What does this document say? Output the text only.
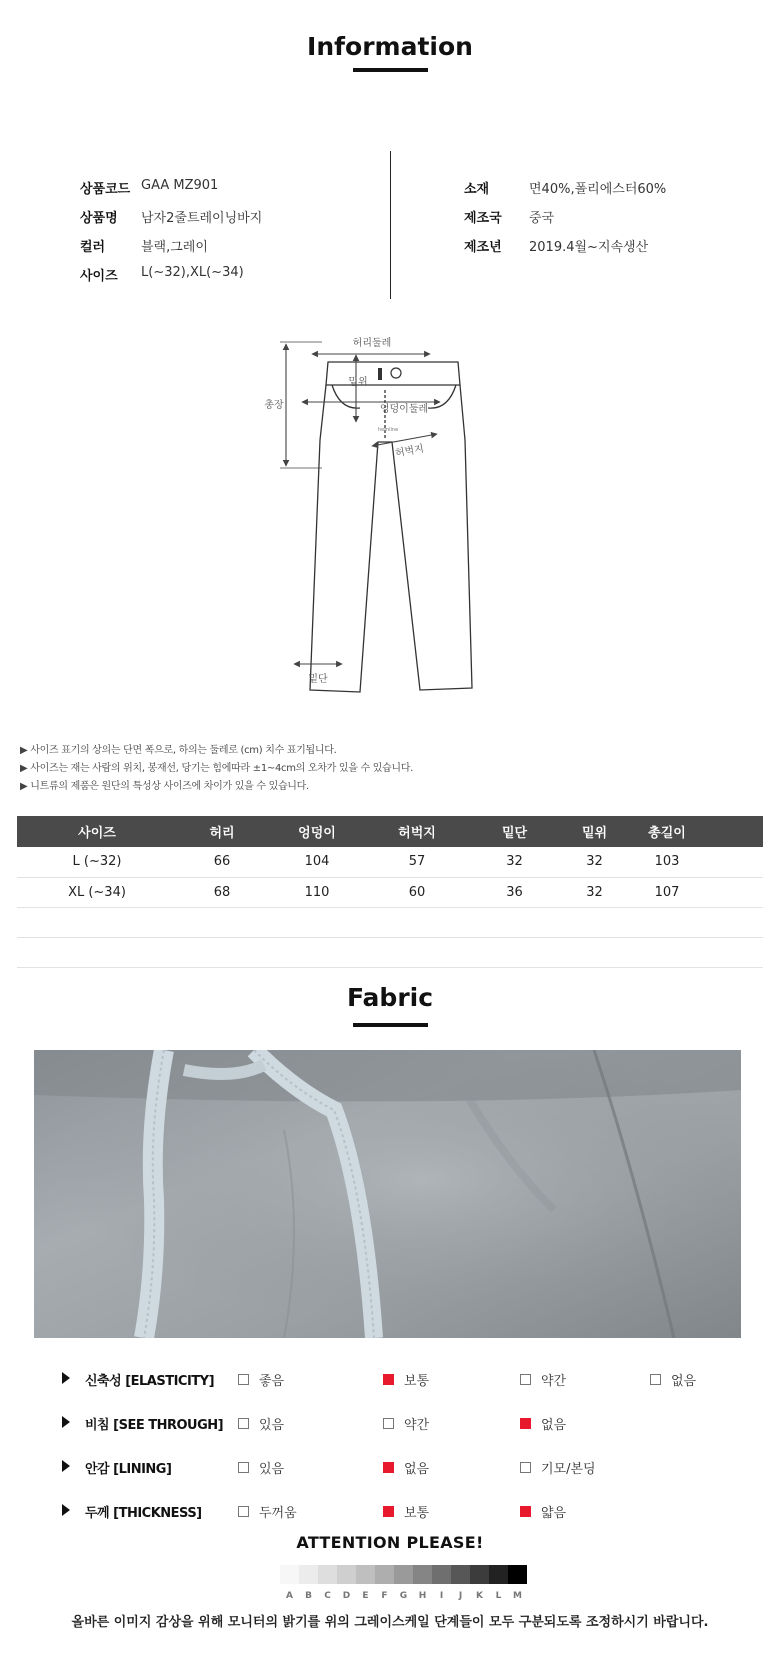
Information
상품코드 GAA MZ901
상품명	남자2줄트레이닝바지
컬러	블랙,그레이
사이즈	L(~32),XL(~34)
소재	면40%,폴리에스터60%
제조국	중국
제조년	2019.4월~지속생산
허리둘레
총장
밑위
엉덩이둘레
허벅지
hemline
밑단
▶ 사이즈 표기의 상의는 단면 폭으로, 하의는 둘레로 (cm) 치수 표기됩니다.
▶ 사이즈는 재는 사람의 위치, 봉재선, 당기는 힘에따라 ±1~4cm의 오차가 있을 수 있습니다.
▶ 니트류의 제품은 원단의 특성상 사이즈에 차이가 있을 수 있습니다.
사이즈	허리	엉덩이	허벅지	밑단	밑위	총길이	
L (~32)	66	104	57	32	32	103	
XL (~34)	68	110	60	36	32	107	

Fabric
신축성 [ELASTICITY]	좋음	보통	약간	없음
비침 [SEE THROUGH]	있음	약간	없음
안감 [LINING]	있음	없음	기모/본딩
두께 [THICKNESS]	두꺼움	보통	얇음
ATTENTION PLEASE!
A	B	C	D	E	F	G	H	I	J	K	L	M
올바른 이미지 감상을 위해 모니터의 밝기를 위의 그레이스케일 단계들이 모두 구분되도록 조정하시기 바랍니다.
